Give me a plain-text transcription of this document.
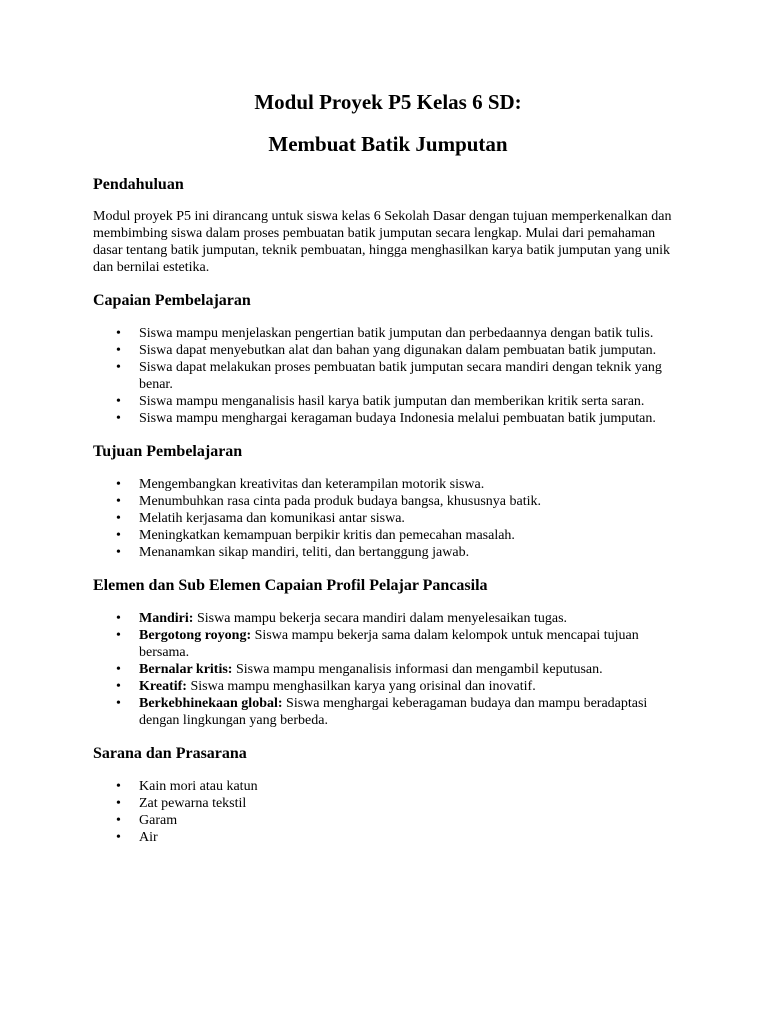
Modul Proyek P5 Kelas 6 SD:
Membuat Batik Jumputan
Pendahuluan

Modul proyek P5 ini dirancang untuk siswa kelas 6 Sekolah Dasar dengan tujuan memperkenalkan dan membimbing siswa dalam proses pembuatan batik jumputan secara lengkap. Mulai dari pemahaman dasar tentang batik jumputan, teknik pembuatan, hingga menghasilkan karya batik jumputan yang unik dan bernilai estetika.

Capaian Pembelajaran
• Siswa mampu menjelaskan pengertian batik jumputan dan perbedaannya dengan batik tulis.
• Siswa dapat menyebutkan alat dan bahan yang digunakan dalam pembuatan batik jumputan.
• Siswa dapat melakukan proses pembuatan batik jumputan secara mandiri dengan teknik yang benar.
• Siswa mampu menganalisis hasil karya batik jumputan dan memberikan kritik serta saran.
• Siswa mampu menghargai keragaman budaya Indonesia melalui pembuatan batik jumputan.
Tujuan Pembelajaran
• Mengembangkan kreativitas dan keterampilan motorik siswa.
• Menumbuhkan rasa cinta pada produk budaya bangsa, khususnya batik.
• Melatih kerjasama dan komunikasi antar siswa.
• Meningkatkan kemampuan berpikir kritis dan pemecahan masalah.
• Menanamkan sikap mandiri, teliti, dan bertanggung jawab.
Elemen dan Sub Elemen Capaian Profil Pelajar Pancasila
• Mandiri: Siswa mampu bekerja secara mandiri dalam menyelesaikan tugas.
• Bergotong royong: Siswa mampu bekerja sama dalam kelompok untuk mencapai tujuan bersama.
• Bernalar kritis: Siswa mampu menganalisis informasi dan mengambil keputusan.
• Kreatif: Siswa mampu menghasilkan karya yang orisinal dan inovatif.
• Berkebhinekaan global: Siswa menghargai keberagaman budaya dan mampu beradaptasi dengan lingkungan yang berbeda.
Sarana dan Prasarana
• Kain mori atau katun
• Zat pewarna tekstil
• Garam
• Air
